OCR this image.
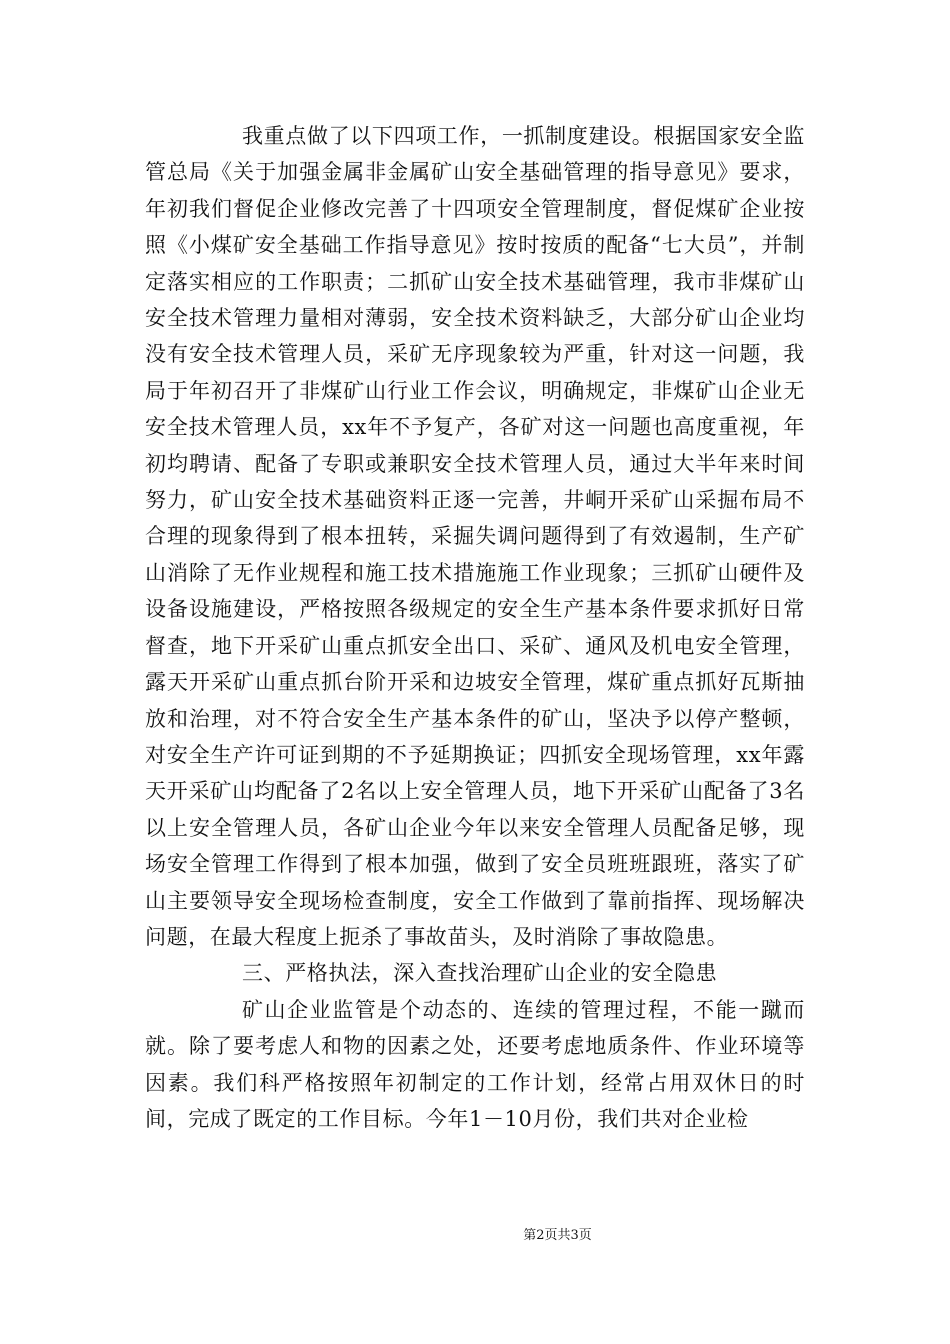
我重点做了以下四项工作，一抓制度建设。根据国家安全监管总局《关于加强金属非金属矿山安全基础管理的指导意见》要求，年初我们督促企业修改完善了十四项安全管理制度，督促煤矿企业按照《小煤矿安全基础工作指导意见》按时按质的配备“七大员”，并制定落实相应的工作职责；二抓矿山安全技术基础管理，我市非煤矿山安全技术管理力量相对薄弱，安全技术资料缺乏，大部分矿山企业均没有安全技术管理人员，采矿无序现象较为严重，针对这一问题，我局于年初召开了非煤矿山行业工作会议，明确规定，非煤矿山企业无安全技术管理人员，xx年不予复产，各矿对这一问题也高度重视，年初均聘请、配备了专职或兼职安全技术管理人员，通过大半年来时间努力，矿山安全技术基础资料正逐一完善，井峒开采矿山采掘布局不合理的现象得到了根本扭转，采掘失调问题得到了有效遏制，生产矿山消除了无作业规程和施工技术措施施工作业现象；三抓矿山硬件及设备设施建设，严格按照各级规定的安全生产基本条件要求抓好日常督查，地下开采矿山重点抓安全出口、采矿、通风及机电安全管理，露天开采矿山重点抓台阶开采和边坡安全管理，煤矿重点抓好瓦斯抽放和治理，对不符合安全生产基本条件的矿山，坚决予以停产整顿，对安全生产许可证到期的不予延期换证；四抓安全现场管理，xx年露天开采矿山均配备了2名以上安全管理人员，地下开采矿山配备了3名以上安全管理人员，各矿山企业今年以来安全管理人员配备足够，现场安全管理工作得到了根本加强，做到了安全员班班跟班，落实了矿山主要领导安全现场检查制度，安全工作做到了靠前指挥、现场解决问题，在最大程度上扼杀了事故苗头，及时消除了事故隐患。

三、严格执法，深入查找治理矿山企业的安全隐患

矿山企业监管是个动态的、连续的管理过程，不能一蹴而就。除了要考虑人和物的因素之处，还要考虑地质条件、作业环境等因素。我们科严格按照年初制定的工作计划，经常占用双休日的时间，完成了既定的工作目标。今年1－10月份，我们共对企业检

第2页共3页
